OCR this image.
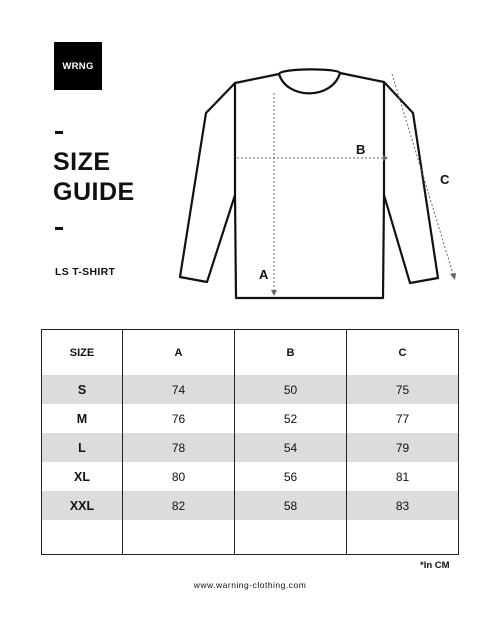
WRNG
SIZE
GUIDE
LS T-SHIRT	A
B
C
SIZE	A	B	C
S	74	50	75
M	76	52	77
L	78	54	79
XL	80	56	81
XXL	82	58	83

*In CM
www.warning-clothing.com
